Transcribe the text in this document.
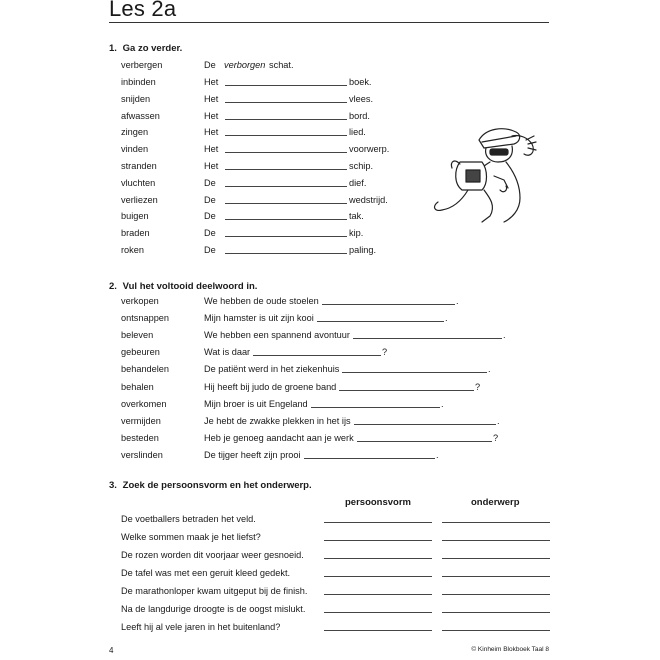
Les 2a
1. Ga zo verder.
verbergen	De verborgen schat.
inbinden	Het	boek.
snijden	Het	vlees.
afwassen	Het	bord.
zingen	Het	lied.
vinden	Het	voorwerp.
stranden	Het	schip.
vluchten	De	dief.
verliezen	De	wedstrijd.
buigen	De	tak.
braden	De	kip.
roken	De	paling.
2. Vul het voltooid deelwoord in.
verkopen	We hebben de oude stoelen	.
ontsnappen	Mijn hamster is uit zijn kooi	.
beleven	We hebben een spannend avontuur	.
gebeuren	Wat is daar	?
behandelen	De patiënt werd in het ziekenhuis	.
behalen	Hij heeft bij judo de groene band	?
overkomen	Mijn broer is uit Engeland	.
vermijden	Je hebt de zwakke plekken in het ijs	.
besteden	Heb je genoeg aandacht aan je werk	?
verslinden	De tijger heeft zijn prooi	.
3. Zoek de persoonsvorm en het onderwerp.
persoonsvorm	onderwerp
De voetballers betraden het veld.
Welke sommen maak je het liefst?
De rozen worden dit voorjaar weer gesnoeid.
De tafel was met een geruit kleed gedekt.
De marathonloper kwam uitgeput bij de finish.
Na de langdurige droogte is de oogst mislukt.
Leeft hij al vele jaren in het buitenland?
4	© Kinheim Blokboek Taal 8
